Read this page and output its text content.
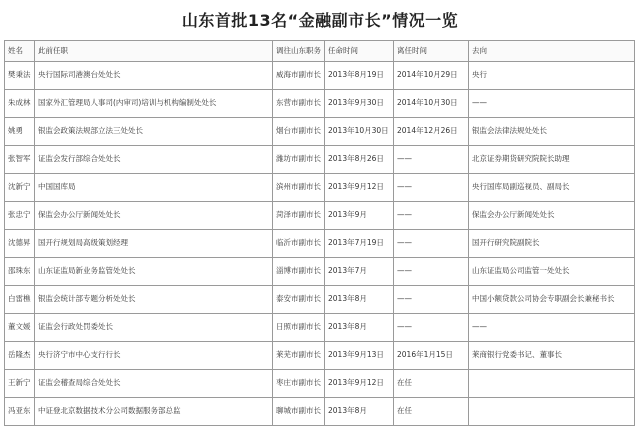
山东首批13名“金融副市长”情况一览
姓名	此前任职	调往山东职务	任命时间	离任时间	去向
樊秉法	央行国际司港澳台处处长	威海市副市长	2013年8月19日	2014年10月29日	央行
朱成林	国家外汇管理局人事司(内审司)培训与机构编制处处长	东营市副市长	2013年9月30日	2014年10月30日	——
姚勇	银监会政策法规部立法三处处长	烟台市副市长	2013年10月30日	2014年12月26日	银监会法律法规处处长
张智军	证监会发行部综合处处长	潍坊市副市长	2013年8月26日	——	北京证券期货研究院院长助理
沈新宁	中国国库局	滨州市副市长	2013年9月12日	——	央行国库局副巡视员、副局长
张忠宁	保监会办公厅新闻处处长	菏泽市副市长	2013年9月	——	保监会办公厅新闻处处长
沈德昇	国开行规划局高级策划经理	临沂市副市长	2013年7月19日	——	国开行研究院副院长
邵珠东	山东证监局新业务监管处处长	淄博市副市长	2013年7月	——	山东证监局公司监管一处处长
白雷樵	银监会统计部专题分析处处长	泰安市副市长	2013年8月	——	中国小额贷款公司协会专职副会长兼秘书长
董文媛	证监会行政处罚委处长	日照市副市长	2013年8月	——	——
岳隆杰	央行济宁市中心支行行长	莱芜市副市长	2013年9月13日	2016年1月15日	莱商银行党委书记、董事长
王新宁	证监会稽查局综合处处长	枣庄市副市长	2013年9月12日	在任	
冯亚东	中证登北京数据技术分公司数据服务部总监	聊城市副市长	2013年8月	在任	
